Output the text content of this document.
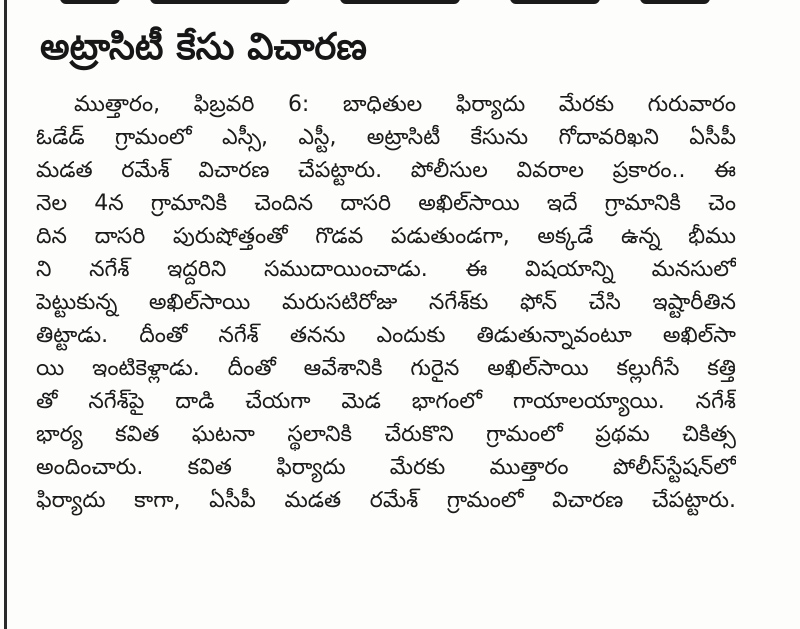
అట్రాసిటీ కేసు విచారణ
ముత్తారం, ఫిబ్రవరి 6: బాధితుల ఫిర్యాదు మేరకు గురువారం
ఓడేడ్ గ్రామంలో ఎస్సీ, ఎస్టీ, అట్రాసిటీ కేసును గోదావరిఖని ఏసీపీ
మడత రమేశ్ విచారణ చేపట్టారు. పోలీసుల వివరాల ప్రకారం.. ఈ
నెల 4న గ్రామానికి చెందిన దాసరి అఖిల్‌సాయి ఇదే గ్రామానికి చెం
దిన దాసరి పురుషోత్తంతో గొడవ పడుతుండగా, అక్కడే ఉన్న భీము
ని నగేశ్ ఇద్దరిని సముదాయించాడు. ఈ విషయాన్ని మనసులో
పెట్టుకున్న అఖిల్‌సాయి మరుసటిరోజు నగేశ్‌కు ఫోన్ చేసి ఇష్టారీతిన
తిట్టాడు. దీంతో నగేశ్ తనను ఎందుకు తిడుతున్నావంటూ అఖిల్‌సా
యి ఇంటికెళ్లాడు. దీంతో ఆవేశానికి గురైన అఖిల్‌సాయి కల్లుగీసే కత్తి
తో నగేశ్‌పై దాడి చేయగా మెడ భాగంలో గాయాలయ్యాయి. నగేశ్
భార్య కవిత ఘటనా స్థలానికి చేరుకొని గ్రామంలో ప్రథమ చికిత్స
అందించారు. కవిత ఫిర్యాదు మేరకు ముత్తారం పోలీస్‌స్టేషన్‌లో
ఫిర్యాదు కాగా, ఏసీపీ మడత రమేశ్ గ్రామంలో విచారణ చేపట్టారు.
